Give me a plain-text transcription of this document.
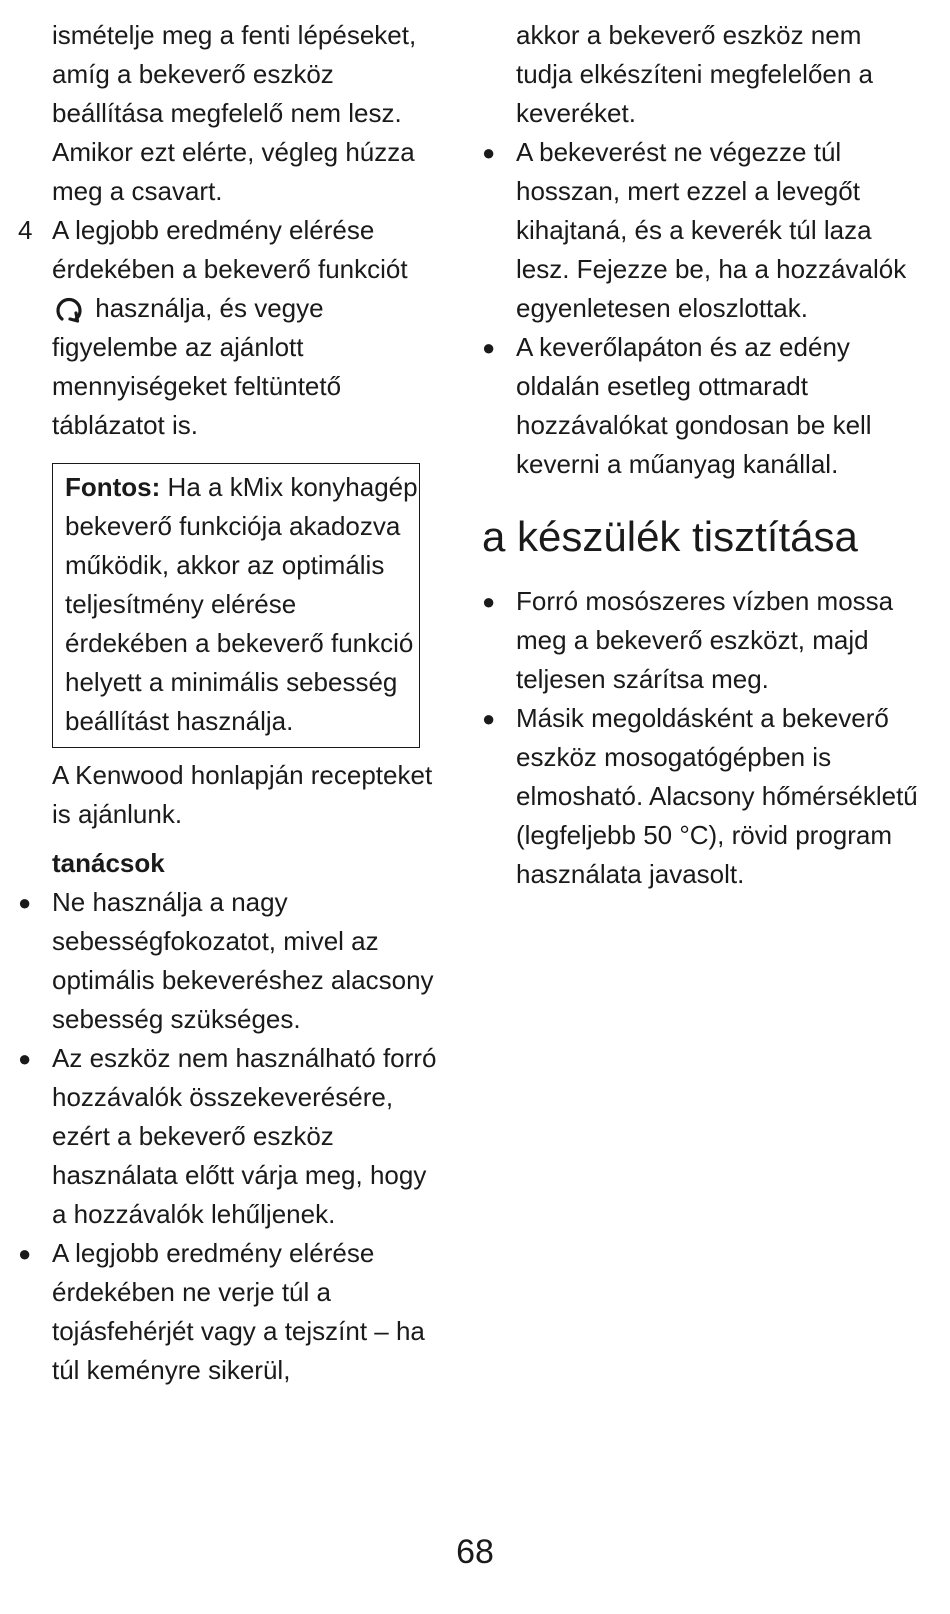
ismételje meg a fenti lépéseket, amíg a bekeverő eszköz beállítása megfelelő nem lesz. Amikor ezt elérte, végleg húzza meg a csavart.

4 A legjobb eredmény elérése érdekében a bekeverő funkciót  használja, és vegye figyelembe az ajánlott mennyiségeket feltüntető táblázatot is.
Fontos: Ha a kMix konyhagép bekeverő funkciója akadozva működik, akkor az optimális teljesítmény elérése érdekében a bekeverő funkció helyett a minimális sebesség beállítást használja.

A Kenwood honlapján recepteket is ajánlunk.

tanácsok

● Ne használja a nagy sebességfokozatot, mivel az optimális bekeveréshez alacsony sebesség szükséges.
● Az eszköz nem használható forró hozzávalók összekeverésére, ezért a bekeverő eszköz használata előtt várja meg, hogy a hozzávalók lehűljenek.
● A legjobb eredmény elérése érdekében ne verje túl a tojásfehérjét vagy a tejszínt – ha túl keményre sikerül,

akkor a bekeverő eszköz nem tudja elkészíteni megfelelően a keveréket.

● A bekeverést ne végezze túl hosszan, mert ezzel a levegőt kihajtaná, és a keverék túl laza lesz. Fejezze be, ha a hozzávalók egyenletesen eloszlottak.
● A keverőlapáton és az edény oldalán esetleg ottmaradt hozzávalókat gondosan be kell keverni a műanyag kanállal.
a készülék tisztítása
● Forró mosószeres vízben mossa meg a bekeverő eszközt, majd teljesen szárítsa meg.
● Másik megoldásként a bekeverő eszköz mosogatógépben is elmosható. Alacsony hőmérsékletű (legfeljebb 50 °C), rövid program használata javasolt.
68
